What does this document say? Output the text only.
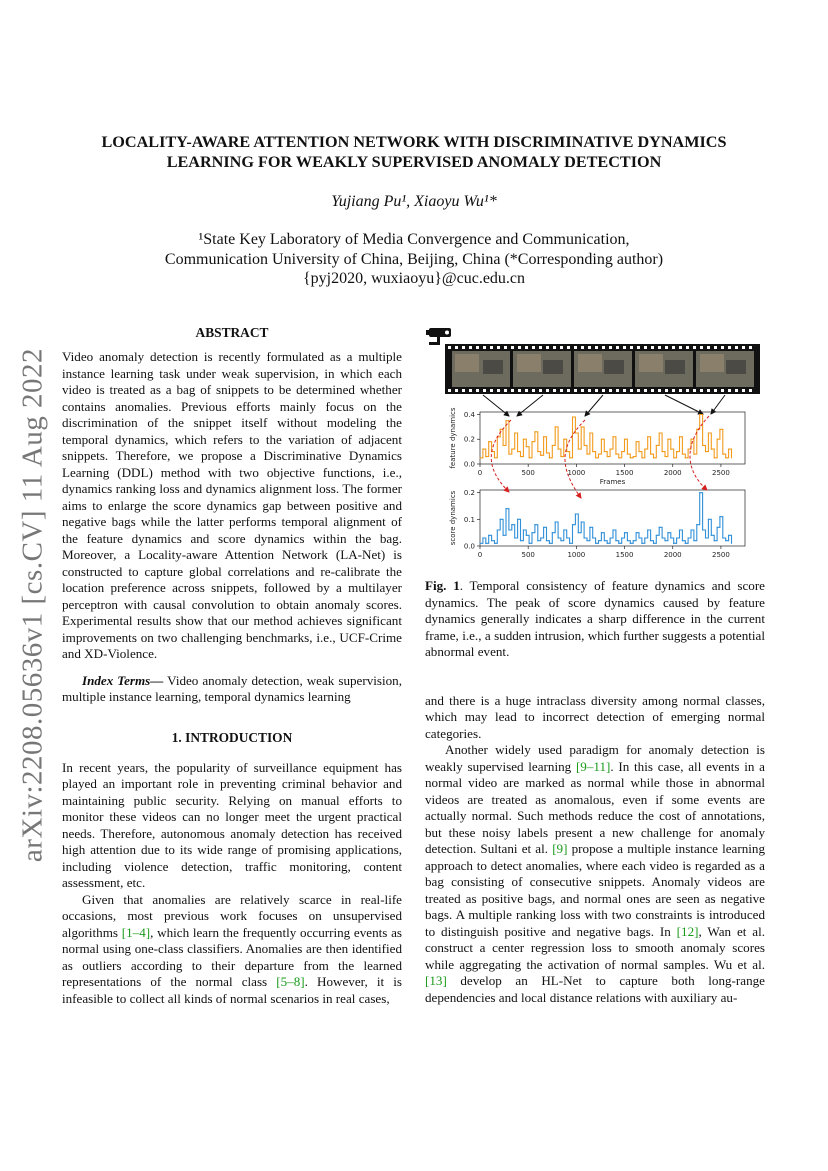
arXiv:2208.05636v1 [cs.CV] 11 Aug 2022
LOCALITY-AWARE ATTENTION NETWORK WITH DISCRIMINATIVE DYNAMICS
LEARNING FOR WEAKLY SUPERVISED ANOMALY DETECTION
Yujiang Pu¹, Xiaoyu Wu¹*
¹State Key Laboratory of Media Convergence and Communication,
Communication University of China, Beijing, China (*Corresponding author)
{pyj2020, wuxiaoyu}@cuc.edu.cn
ABSTRACT

Video anomaly detection is recently formulated as a multiple instance learning task under weak supervision, in which each video is treated as a bag of snippets to be determined whether contains anomalies. Previous efforts mainly focus on the discrimination of the snippet itself without modeling the temporal dynamics, which refers to the variation of adjacent snippets. Therefore, we propose a Discriminative Dynamics Learning (DDL) method with two objective functions, i.e., dynamics ranking loss and dynamics alignment loss. The former aims to enlarge the score dynamics gap between positive and negative bags while the latter performs temporal alignment of the feature dynamics and score dynamics within the bag. Moreover, a Locality-aware Attention Network (LA-Net) is constructed to capture global correlations and re-calibrate the location preference across snippets, followed by a multilayer perceptron with causal convolution to obtain anomaly scores. Experimental results show that our method achieves significant improvements on two challenging benchmarks, i.e., UCF-Crime and XD-Violence.

Index Terms— Video anomaly detection, weak supervision, multiple instance learning, temporal dynamics learning

1. INTRODUCTION

In recent years, the popularity of surveillance equipment has played an important role in preventing criminal behavior and maintaining public security. Relying on manual efforts to monitor these videos can no longer meet the urgent practical needs. Therefore, autonomous anomaly detection has received high attention due to its wide range of promising applications, including violence detection, traffic monitoring, content assessment, etc.

Given that anomalies are relatively scarce in real-life occasions, most previous work focuses on unsupervised algorithms [1–4], which learn the frequently occurring events as normal using one-class classifiers. Anomalies are then identified as outliers according to their departure from the learned representations of the normal class [5–8]. However, it is infeasible to collect all kinds of normal scenarios in real cases,

0	500	1000	1500	2000	2500
0.0
0.2
0.4
feature dynamics
Frames
0	500	1000	1500	2000	2500
0.0
0.1
0.2
score dynamics

Fig. 1. Temporal consistency of feature dynamics and score dynamics. The peak of score dynamics caused by feature dynamics generally indicates a sharp difference in the current frame, i.e., a sudden intrusion, which further suggests a potential abnormal event.

and there is a huge intraclass diversity among normal classes, which may lead to incorrect detection of emerging normal categories.

Another widely used paradigm for anomaly detection is weakly supervised learning [9–11]. In this case, all events in a normal video are marked as normal while those in abnormal videos are treated as anomalous, even if some events are actually normal. Such methods reduce the cost of annotations, but these noisy labels present a new challenge for anomaly detection. Sultani et al. [9] propose a multiple instance learning approach to detect anomalies, where each video is regarded as a bag consisting of consecutive snippets. Anomaly videos are treated as positive bags, and normal ones are seen as negative bags. A multiple ranking loss with two constraints is introduced to distinguish positive and negative bags. In [12], Wan et al. construct a center regression loss to smooth anomaly scores while aggregating the activation of normal samples. Wu et al. [13] develop an HL-Net to capture both long-range dependencies and local distance relations with auxiliary au-
